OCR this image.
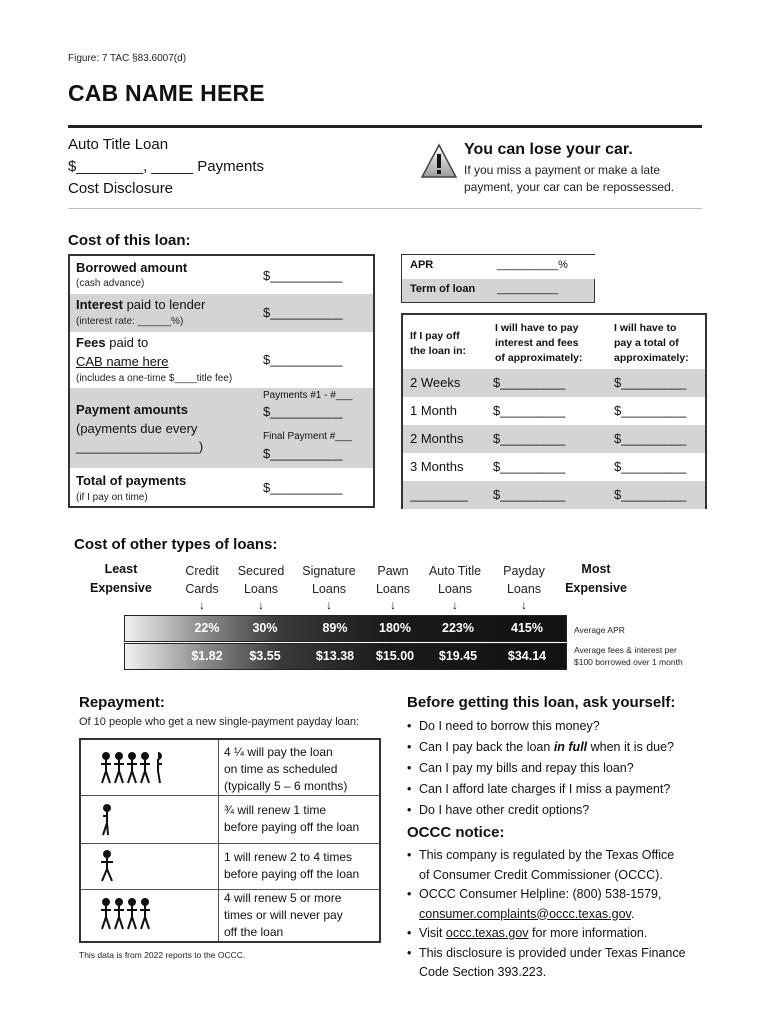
Figure: 7 TAC §83.6007(d)
CAB NAME HERE
Auto Title Loan
$________, _____ Payments
Cost Disclosure
You can lose your car.
If you miss a payment or make a late
payment, your car can be repossessed.
Cost of this loan:
Borrowed amount
(cash advance)
$__________
Interest paid to lender
(interest rate: ______%)
$__________
Fees paid to
CAB name here
(includes a one-time $____title fee)
$__________
Payment amounts
(payments due every
_________________)
Payments #1 - #___
$__________
Final Payment #___
$__________
Total of payments
(if I pay on time)
$__________
APR	__________%
Term of loan __________
If I pay off
the loan in:
I will have to pay
interest and fees
of approximately:
I will have to
pay a total of
approximately:
2 Weeks	$_________	$_________
1 Month	$_________	$_________
2 Months $_________	$_________
3 Months $_________	$_________
________ $_________	$_________
Cost of other types of loans:
Least
Expensive
Most
Expensive
Credit
Cards
Secured
Loans
Signature
Loans
Pawn
Loans
Auto Title
Loans
Payday
Loans
↓	↓	↓	↓	↓	↓
22%	30%	89%	180%	223%	415%	Average APR
$1.82	$3.55	$13.38	$15.00	$19.45	$34.14	Average fees & interest per
$100 borrowed over 1 month
Repayment:
Of 10 people who get a new single-payment payday loan:
4 ¼ will pay the loan
on time as scheduled
(typically 5 – 6 months)
¾ will renew 1 time
before paying off the loan
1 will renew 2 to 4 times
before paying off the loan
4 will renew 5 or more
times or will never pay
off the loan
This data is from 2022 reports to the OCCC.
Before getting this loan, ask yourself:
• Do I need to borrow this money?
• Can I pay back the loan in full when it is due?
• Can I pay my bills and repay this loan?
• Can I afford late charges if I miss a payment?
• Do I have other credit options?
OCCC notice:
• This company is regulated by the Texas Office
of Consumer Credit Commissioner (OCCC).
• OCCC Consumer Helpline: (800) 538-1579,
consumer.complaints@occc.texas.gov.
• Visit occc.texas.gov for more information.
• This disclosure is provided under Texas Finance
Code Section 393.223.
